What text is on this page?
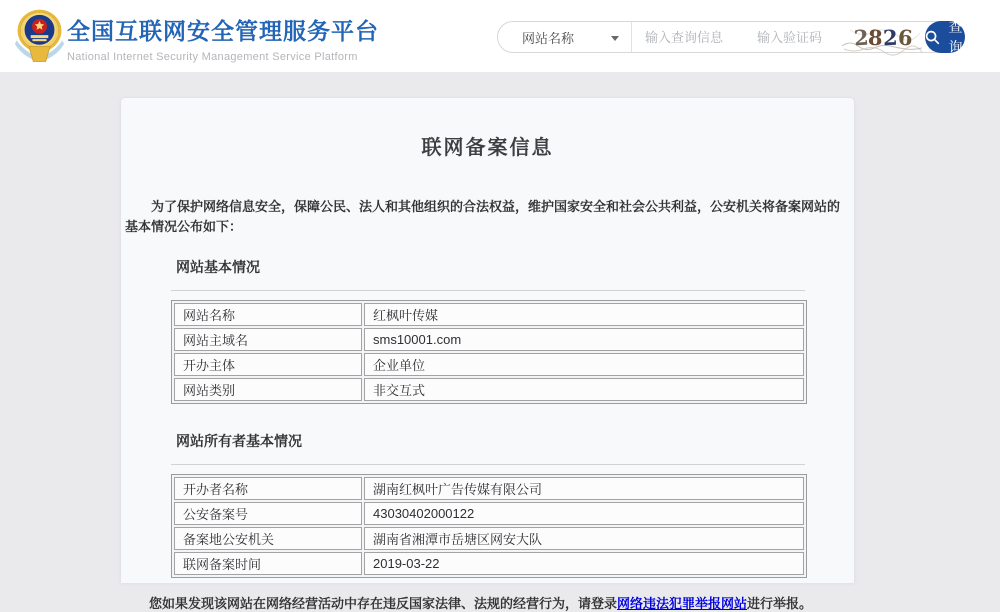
全国互联网安全管理服务平台
National Internet Security Management Service Platform
网站名称
输入查询信息
输入验证码	2
8
2
6	查询
联网备案信息
为了保护网络信息安全，保障公民、法人和其他组织的合法权益，维护国家安全和社会公共利益，公安机关将备案网站的基本情况公布如下：
网站基本情况
网站名称	红枫叶传媒
网站主域名	sms10001.com
开办主体	企业单位
网站类别	非交互式
网站所有者基本情况
开办者名称	湖南红枫叶广告传媒有限公司
公安备案号	43030402000122
备案地公安机关	湖南省湘潭市岳塘区网安大队
联网备案时间	2019-03-22
您如果发现该网站在网络经营活动中存在违反国家法律、法规的经营行为，请登录网络违法犯罪举报网站进行举报。
